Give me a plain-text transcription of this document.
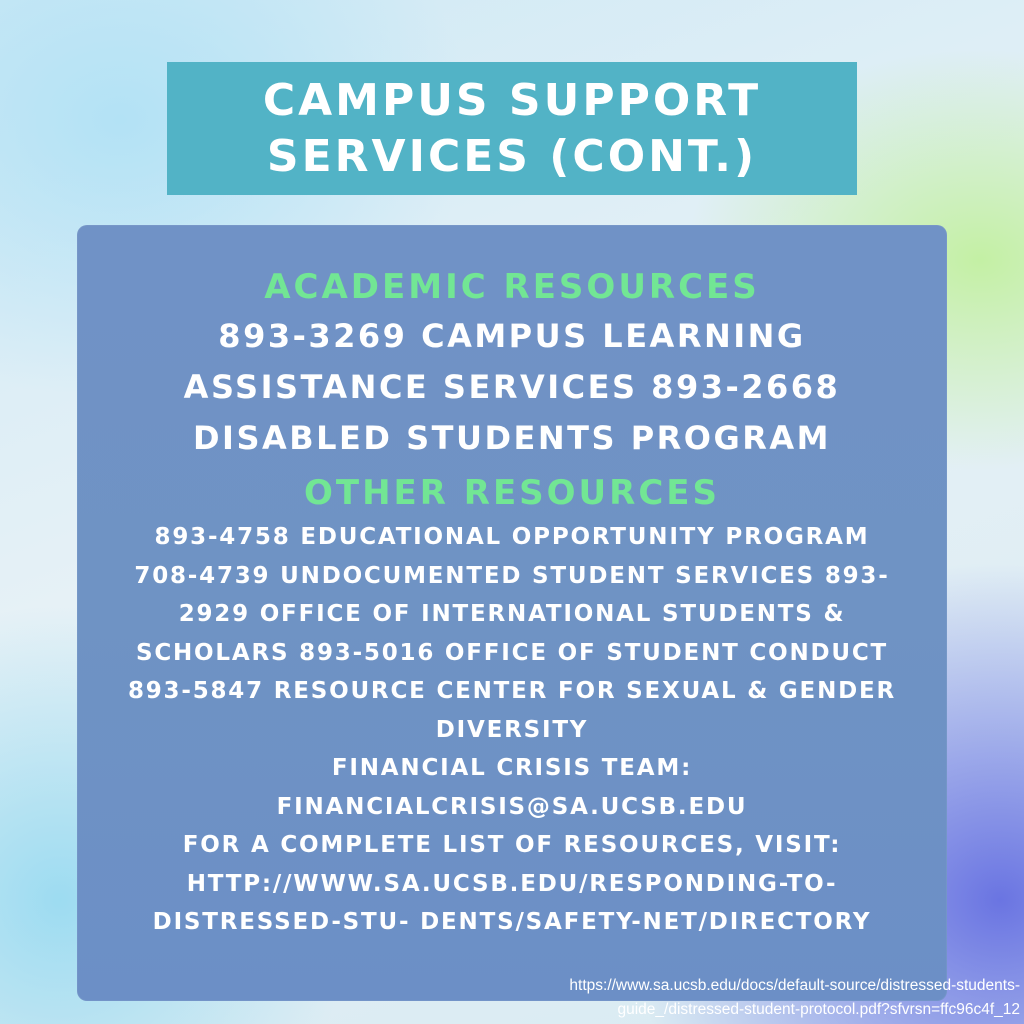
CAMPUS SUPPORT
SERVICES (CONT.)

ACADEMIC RESOURCES

893-3269 CAMPUS LEARNING

ASSISTANCE SERVICES 893-2668

DISABLED STUDENTS PROGRAM

OTHER RESOURCES

893-4758 EDUCATIONAL OPPORTUNITY PROGRAM

708-4739 UNDOCUMENTED STUDENT SERVICES 893-

2929 OFFICE OF INTERNATIONAL STUDENTS &

SCHOLARS 893-5016 OFFICE OF STUDENT CONDUCT

893-5847 RESOURCE CENTER FOR SEXUAL & GENDER

DIVERSITY

FINANCIAL CRISIS TEAM:

FINANCIALCRISIS@SA.UCSB.EDU

FOR A COMPLETE LIST OF RESOURCES, VISIT:

HTTP://WWW.SA.UCSB.EDU/RESPONDING-TO-

DISTRESSED-STU- DENTS/SAFETY-NET/DIRECTORY

https://www.sa.ucsb.edu/docs/default-source/distressed-students-
guide_/distressed-student-protocol.pdf?sfvrsn=ffc96c4f_12
